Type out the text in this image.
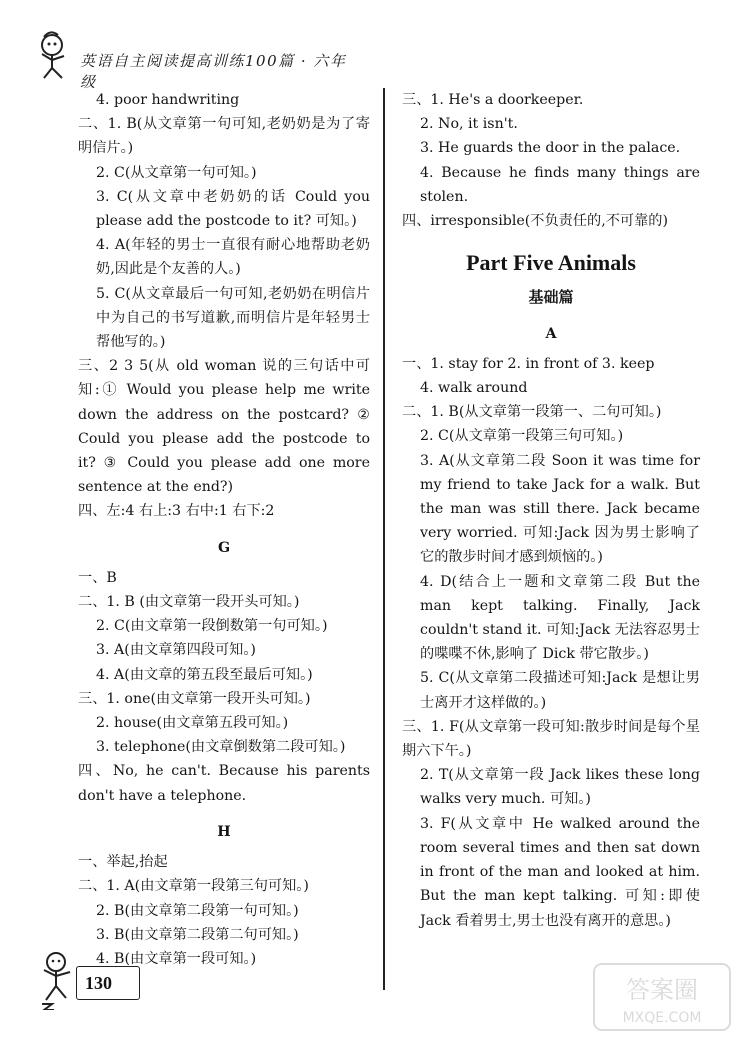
英语自主阅读提高训练100篇 · 六年级

4. poor handwriting

二、1. B(从文章第一句可知,老奶奶是为了寄明信片。)

2. C(从文章第一句可知。)

3. C(从文章中老奶奶的话 Could you please add the postcode to it? 可知。)

4. A(年轻的男士一直很有耐心地帮助老奶奶,因此是个友善的人。)

5. C(从文章最后一句可知,老奶奶在明信片中为自己的书写道歉,而明信片是年轻男士帮他写的。)

三、2 3 5(从 old woman 说的三句话中可知:① Would you please help me write down the address on the postcard? ② Could you please add the postcode to it? ③ Could you please add one more sentence at the end?)

四、左:4 右上:3 右中:1 右下:2

G

一、B

二、1. B (由文章第一段开头可知。)

2. C(由文章第一段倒数第一句可知。)

3. A(由文章第四段可知。)

4. A(由文章的第五段至最后可知。)

三、1. one(由文章第一段开头可知。)

2. house(由文章第五段可知。)

3. telephone(由文章倒数第二段可知。)

四、No, he can't. Because his parents don't have a telephone.

H

一、举起,抬起

二、1. A(由文章第一段第三句可知。)

2. B(由文章第二段第一句可知。)

3. B(由文章第二段第二句可知。)

4. B(由文章第一段可知。)

三、1. He's a doorkeeper.

2. No, it isn't.

3. He guards the door in the palace.

4. Because he finds many things are stolen.

四、irresponsible(不负责任的,不可靠的)

Part Five Animals

基础篇

A

一、1. stay for 2. in front of 3. keep

4. walk around

二、1. B(从文章第一段第一、二句可知。)

2. C(从文章第一段第三句可知。)

3. A(从文章第二段 Soon it was time for my friend to take Jack for a walk. But the man was still there. Jack became very worried. 可知:Jack 因为男士影响了它的散步时间才感到烦恼的。)

4. D(结合上一题和文章第二段 But the man kept talking. Finally, Jack couldn't stand it. 可知:Jack 无法容忍男士的喋喋不休,影响了 Dick 带它散步。)

5. C(从文章第二段描述可知:Jack 是想让男士离开才这样做的。)

三、1. F(从文章第一段可知:散步时间是每个星期六下午。)

2. T(从文章第一段 Jack likes these long walks very much. 可知。)

3. F(从文章中 He walked around the room several times and then sat down in front of the man and looked at him. But the man kept talking. 可知:即使 Jack 看着男士,男士也没有离开的意思。)

130	答案圈
MXQE.COM
